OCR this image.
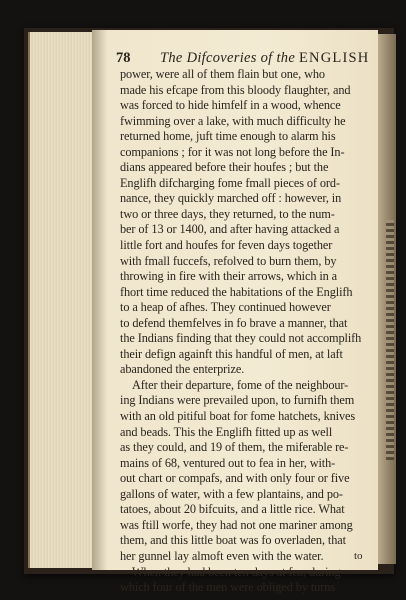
78 The Difcoveries of the ENGLISH
power, were all of them flain but one, who
made his efcape from this bloody flaughter, and
was forced to hide himfelf in a wood, whence
fwimming over a lake, with much difficulty he
returned home, juft time enough to alarm his
companions ; for it was not long before the In-
dians appeared before their houfes ; but the
Englifh difcharging fome fmall pieces of ord-
nance, they quickly marched off : however, in
two or three days, they returned, to the num-
ber of 13 or 1400, and after having attacked a
little fort and houfes for feven days together
with fmall fuccefs, refolved to burn them, by
throwing in fire with their arrows, which in a
fhort time reduced the habitations of the Englifh
to a heap of afhes. They continued however
to defend themfelves in fo brave a manner, that
the Indians finding that they could not accomplifh
their defign againft this handful of men, at laft
abandoned the enterprize.
After their departure, fome of the neighbour-
ing Indians were prevailed upon, to furnifh them
with an old pitiful boat for fome hatchets, knives
and beads. This the Englifh fitted up as well
as they could, and 19 of them, the miferable re-
mains of 68, ventured out to fea in her, with-
out chart or compafs, and with only four or five
gallons of water, with a few plantains, and po-
tatoes, about 20 bifcuits, and a little rice. What
was ftill worfe, they had not one mariner among
them, and this little boat was fo overladen, that
her gunnel lay almoft even with the water.
When they had been ten days at fea, during
which four of the men were obliged by turns
to
